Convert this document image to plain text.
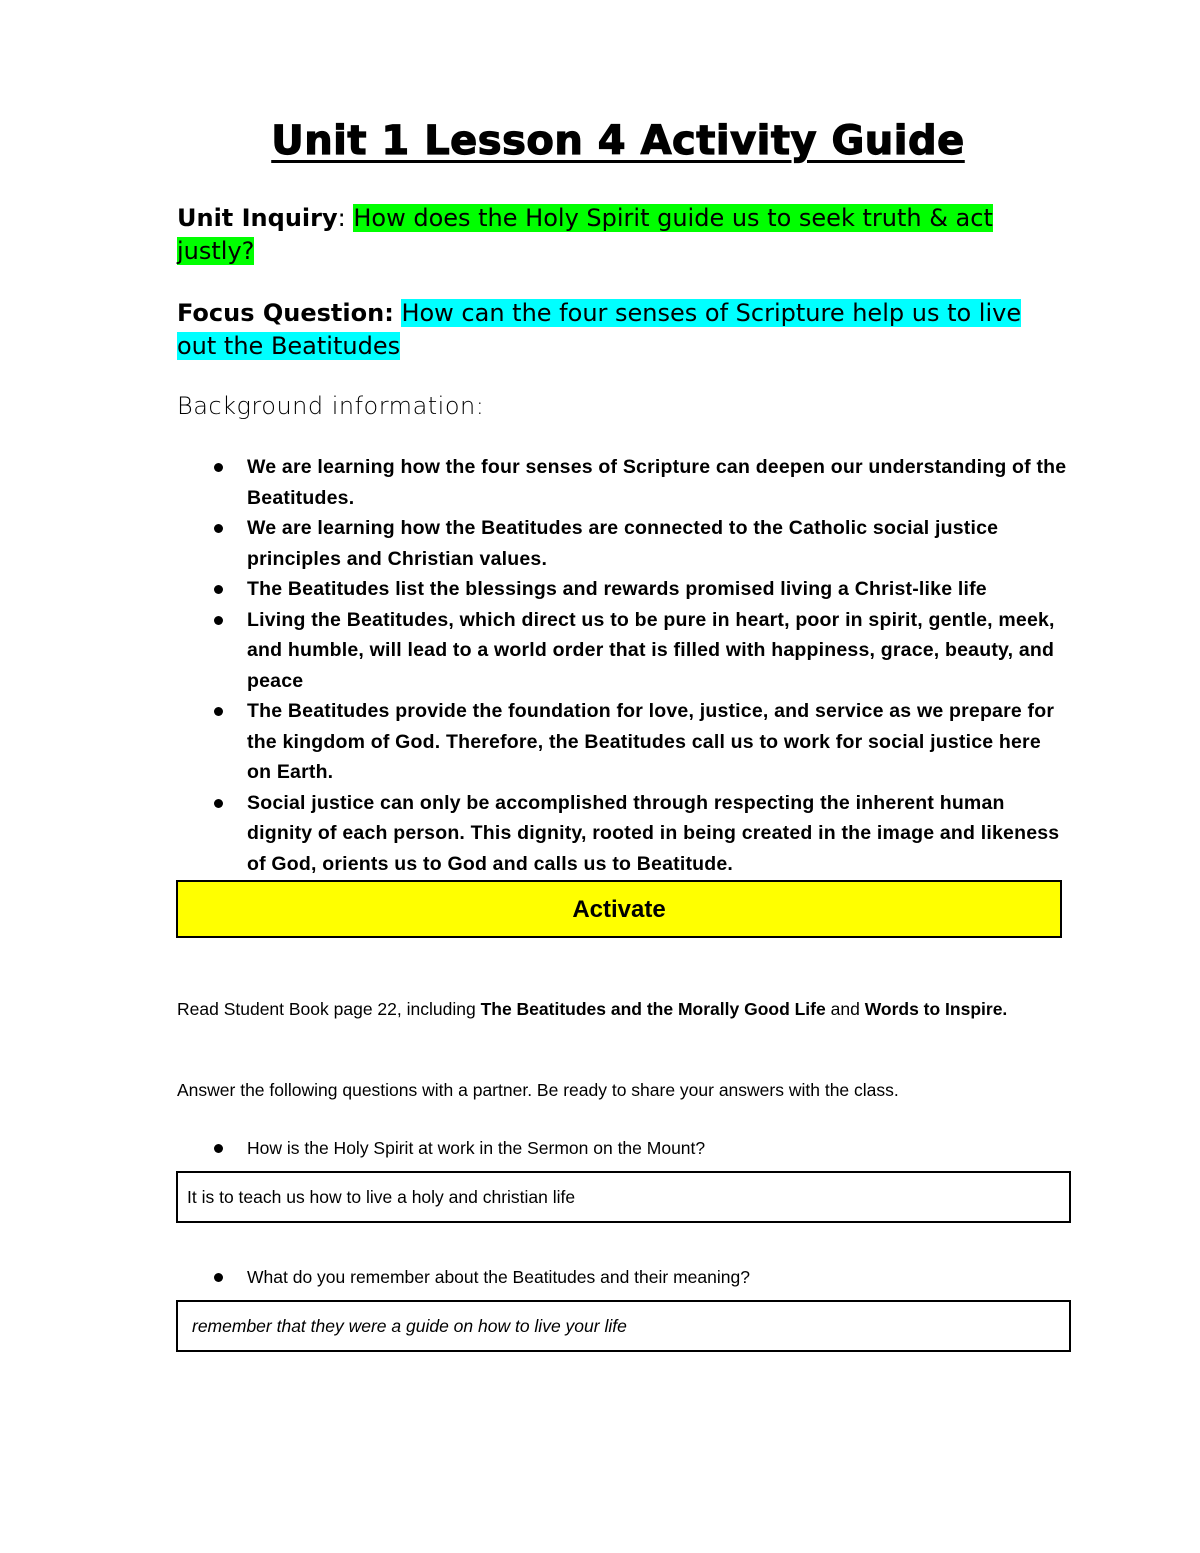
Unit 1 Lesson 4 Activity Guide
Unit Inquiry: How does the Holy Spirit guide us to seek truth & act justly?
Focus Question: How can the four senses of Scripture help us to live out the Beatitudes
Background information:
We are learning how the four senses of Scripture can deepen our understanding of the Beatitudes.
We are learning how the Beatitudes are connected to the Catholic social justice principles and Christian values.
The Beatitudes list the blessings and rewards promised living a Christ-like life
Living the Beatitudes, which direct us to be pure in heart, poor in spirit, gentle, meek, and humble, will lead to a world order that is filled with happiness, grace, beauty, and peace
The Beatitudes provide the foundation for love, justice, and service as we prepare for the kingdom of God. Therefore, the Beatitudes call us to work for social justice here on Earth.
Social justice can only be accomplished through respecting the inherent human dignity of each person. This dignity, rooted in being created in the image and likeness of God, orients us to God and calls us to Beatitude.
Activate
Read Student Book page 22, including The Beatitudes and the Morally Good Life and Words to Inspire.
Answer the following questions with a partner. Be ready to share your answers with the class.
How is the Holy Spirit at work in the Sermon on the Mount?
It is to teach us how to live a holy and christian life
What do you remember about the Beatitudes and their meaning?
remember that they were a guide on how to live your life
